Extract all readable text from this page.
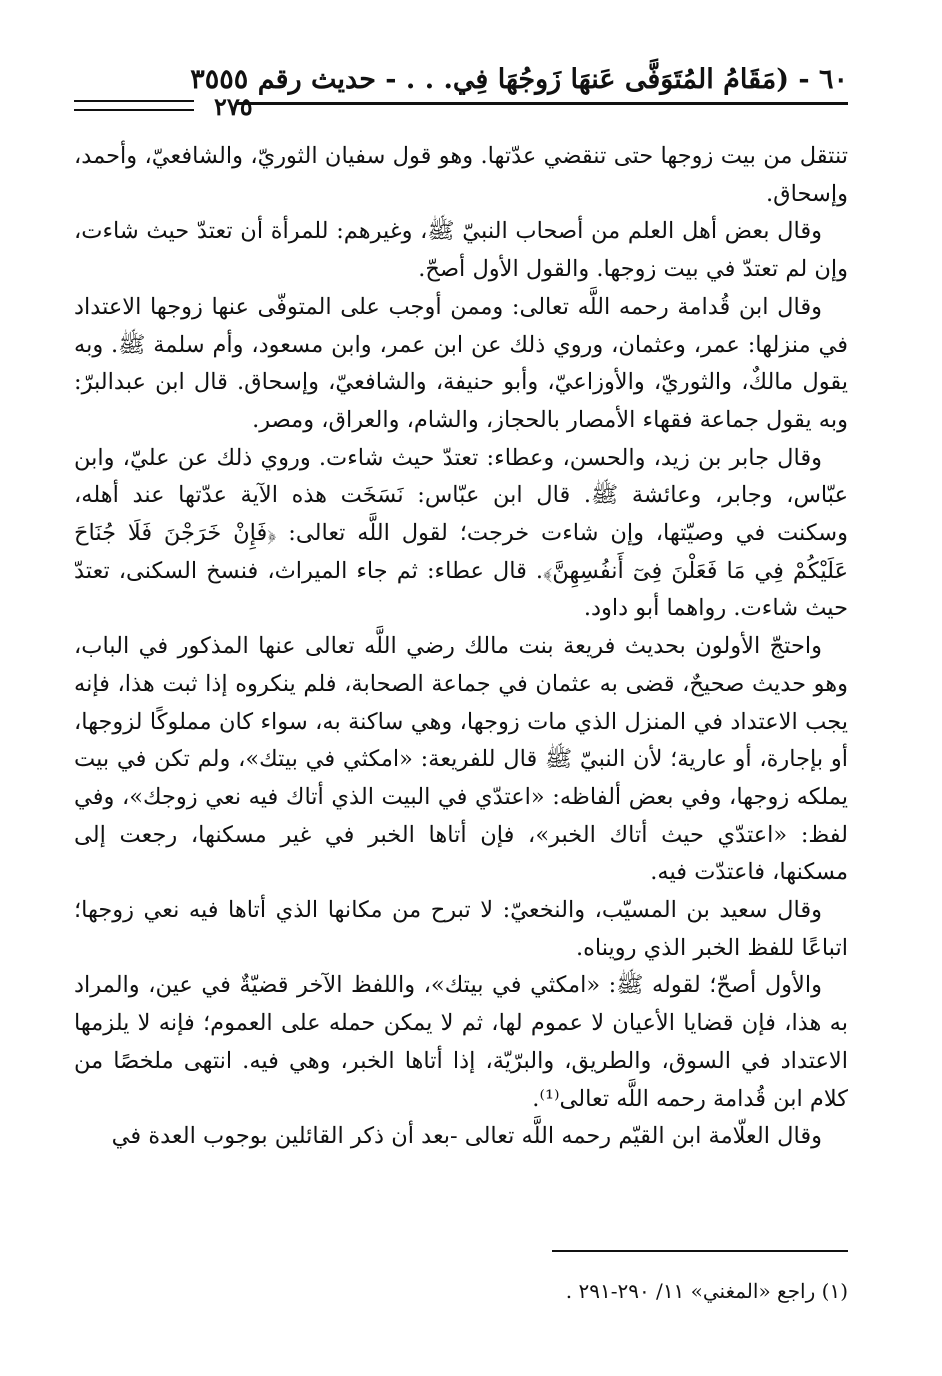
٦٠ - (مَقَامُ المُتَوَفَّى عَنهَا زَوجُهَا فِي. . . - حديث رقم ٣٥٥٥
٢٧٥

تنتقل من بيت زوجها حتى تنقضي عدّتها. وهو قول سفيان الثوريّ، والشافعيّ، وأحمد، وإسحاق.

وقال بعض أهل العلم من أصحاب النبيّ ﷺ، وغيرهم: للمرأة أن تعتدّ حيث شاءت، وإن لم تعتدّ في بيت زوجها. والقول الأول أصحّ.

وقال ابن قُدامة رحمه اللَّه تعالى: وممن أوجب على المتوفّى عنها زوجها الاعتداد في منزلها: عمر، وعثمان، وروي ذلك عن ابن عمر، وابن مسعود، وأم سلمة ﷺ. وبه يقول مالكٌ، والثوريّ، والأوزاعيّ، وأبو حنيفة، والشافعيّ، وإسحاق. قال ابن عبدالبرّ: وبه يقول جماعة فقهاء الأمصار بالحجاز، والشام، والعراق، ومصر.

وقال جابر بن زيد، والحسن، وعطاء: تعتدّ حيث شاءت. وروي ذلك عن عليّ، وابن عبّاس، وجابر، وعائشة ﷺ. قال ابن عبّاس: نَسَخَت هذه الآية عدّتها عند أهله، وسكنت في وصيّتها، وإن شاءت خرجت؛ لقول اللَّه تعالى: ﴿فَإِنْ خَرَجْنَ فَلَا جُنَاحَ عَلَيْكُمْ فِي مَا فَعَلْنَ فِىٓ أَنفُسِهِنَّ﴾. قال عطاء: ثم جاء الميراث، فنسخ السكنى، تعتدّ حيث شاءت. رواهما أبو داود.

واحتجّ الأولون بحديث فريعة بنت مالك رضي اللَّه تعالى عنها المذكور في الباب، وهو حديث صحيحٌ، قضى به عثمان في جماعة الصحابة، فلم ينكروه إذا ثبت هذا، فإنه يجب الاعتداد في المنزل الذي مات زوجها، وهي ساكنة به، سواء كان مملوكًا لزوجها، أو بإجارة، أو عارية؛ لأن النبيّ ﷺ قال للفريعة: «امكثي في بيتك»، ولم تكن في بيت يملكه زوجها، وفي بعض ألفاظه: «اعتدّي في البيت الذي أتاك فيه نعي زوجك»، وفي لفظ: «اعتدّي حيث أتاك الخبر»، فإن أتاها الخبر في غير مسكنها، رجعت إلى مسكنها، فاعتدّت فيه.

وقال سعيد بن المسيّب، والنخعيّ: لا تبرح من مكانها الذي أتاها فيه نعي زوجها؛ اتباعًا للفظ الخبر الذي رويناه.

والأول أصحّ؛ لقوله ﷺ: «امكثي في بيتك»، واللفظ الآخر قضيّةٌ في عين، والمراد به هذا، فإن قضايا الأعيان لا عموم لها، ثم لا يمكن حمله على العموم؛ فإنه لا يلزمها الاعتداد في السوق، والطريق، والبرّيّة، إذا أتاها الخبر، وهي فيه. انتهى ملخصًا من كلام ابن قُدامة رحمه اللَّه تعالى⁽¹⁾.

وقال العلّامة ابن القيّم رحمه اللَّه تعالى -بعد أن ذكر القائلين بوجوب العدة في

(١) راجع «المغني» ١١/ ٢٩٠-٢٩١ .
